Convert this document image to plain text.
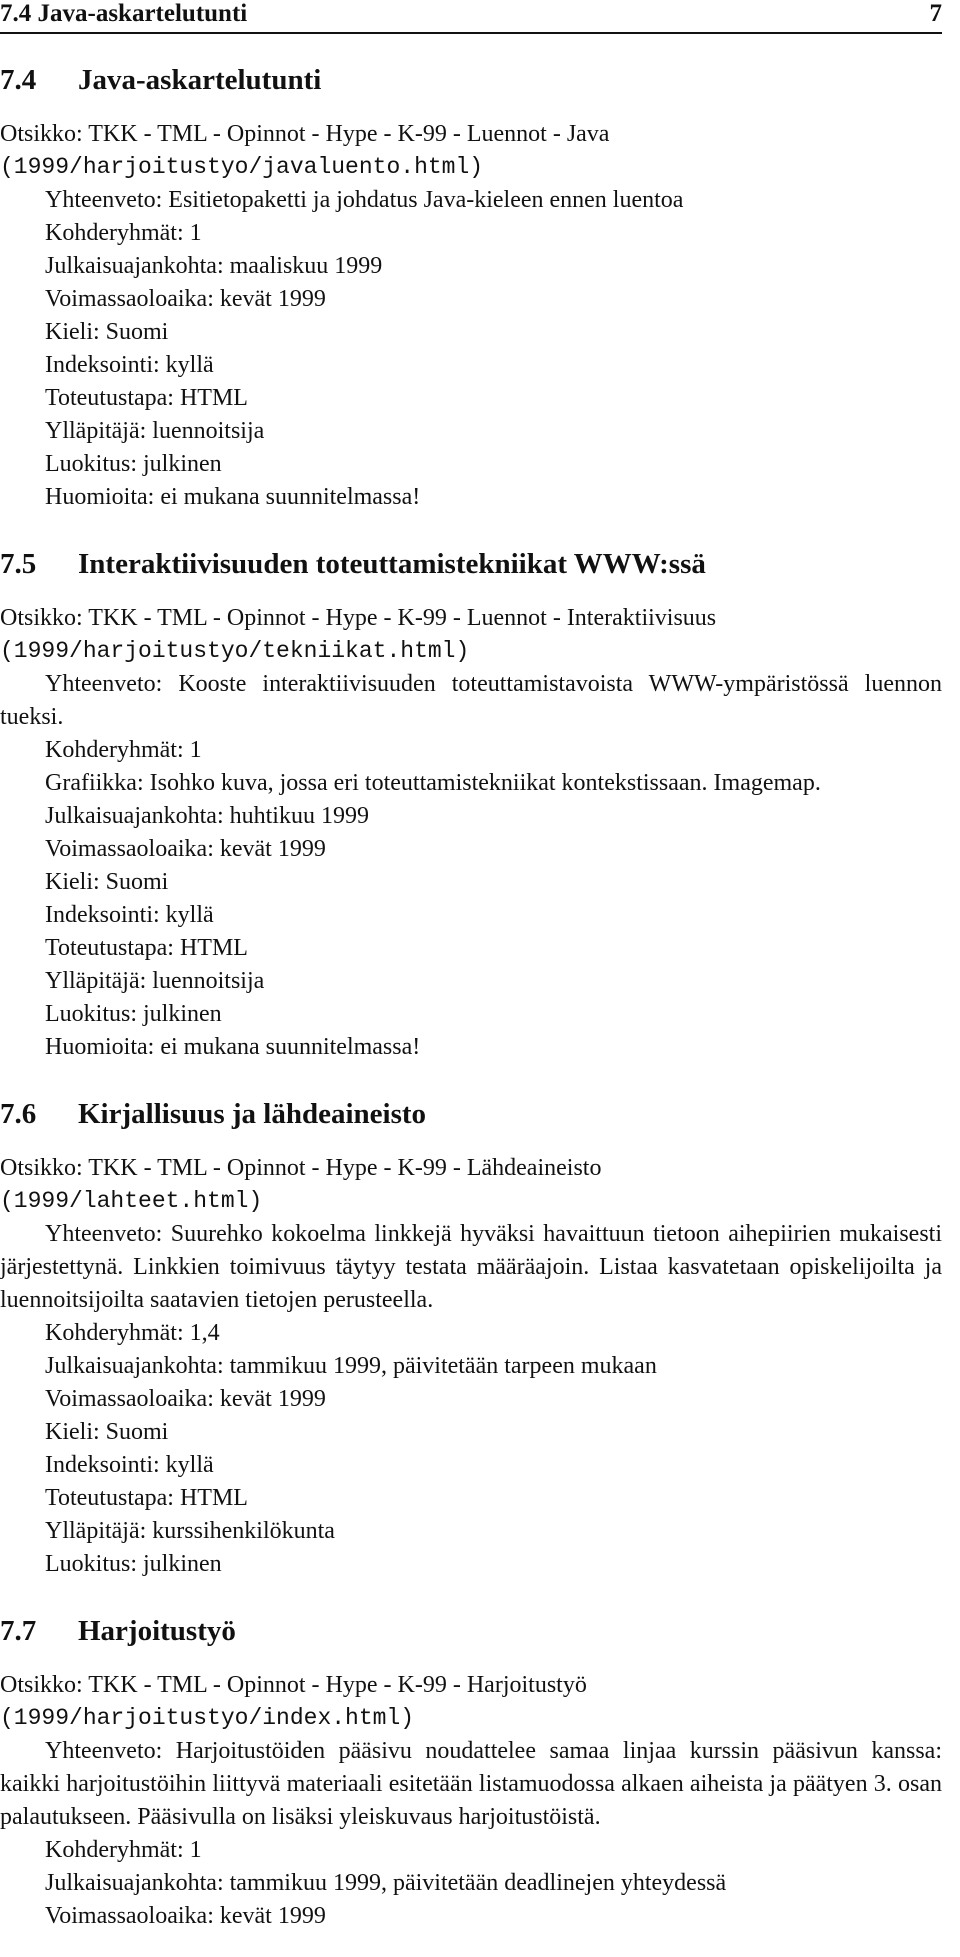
7.4 Java-askartelutunti	7
7.4 Java-askartelutunti
Otsikko: TKK - TML - Opinnot - Hype - K-99 - Luennot - Java
(1999/harjoitustyo/javaluento.html)
Yhteenveto: Esitietopaketti ja johdatus Java-kieleen ennen luentoa
Kohderyhmät: 1
Julkaisuajankohta: maaliskuu 1999
Voimassaoloaika: kevät 1999
Kieli: Suomi
Indeksointi: kyllä
Toteutustapa: HTML
Ylläpitäjä: luennoitsija
Luokitus: julkinen
Huomioita: ei mukana suunnitelmassa!
7.5 Interaktiivisuuden toteuttamistekniikat WWW:ssä
Otsikko: TKK - TML - Opinnot - Hype - K-99 - Luennot - Interaktiivisuus
(1999/harjoitustyo/tekniikat.html)
Yhteenveto: Kooste interaktiivisuuden toteuttamistavoista WWW-ympäristössä luennon tueksi.
Kohderyhmät: 1
Grafiikka: Isohko kuva, jossa eri toteuttamistekniikat kontekstissaan. Imagemap.
Julkaisuajankohta: huhtikuu 1999
Voimassaoloaika: kevät 1999
Kieli: Suomi
Indeksointi: kyllä
Toteutustapa: HTML
Ylläpitäjä: luennoitsija
Luokitus: julkinen
Huomioita: ei mukana suunnitelmassa!
7.6 Kirjallisuus ja lähdeaineisto
Otsikko: TKK - TML - Opinnot - Hype - K-99 - Lähdeaineisto
(1999/lahteet.html)
Yhteenveto: Suurehko kokoelma linkkejä hyväksi havaittuun tietoon aihepiirien mukaisesti järjestettynä. Linkkien toimivuus täytyy testata määräajoin. Listaa kasvatetaan opiskelijoilta ja luennoitsijoilta saatavien tietojen perusteella.
Kohderyhmät: 1,4
Julkaisuajankohta: tammikuu 1999, päivitetään tarpeen mukaan
Voimassaoloaika: kevät 1999
Kieli: Suomi
Indeksointi: kyllä
Toteutustapa: HTML
Ylläpitäjä: kurssihenkilökunta
Luokitus: julkinen
7.7 Harjoitustyö
Otsikko: TKK - TML - Opinnot - Hype - K-99 - Harjoitustyö
(1999/harjoitustyo/index.html)
Yhteenveto: Harjoitustöiden pääsivu noudattelee samaa linjaa kurssin pääsivun kanssa: kaikki harjoitustöihin liittyvä materiaali esitetään listamuodossa alkaen aiheista ja päätyen 3. osan palautukseen. Pääsivulla on lisäksi yleiskuvaus harjoitustöistä.
Kohderyhmät: 1
Julkaisuajankohta: tammikuu 1999, päivitetään deadlinejen yhteydessä
Voimassaoloaika: kevät 1999
